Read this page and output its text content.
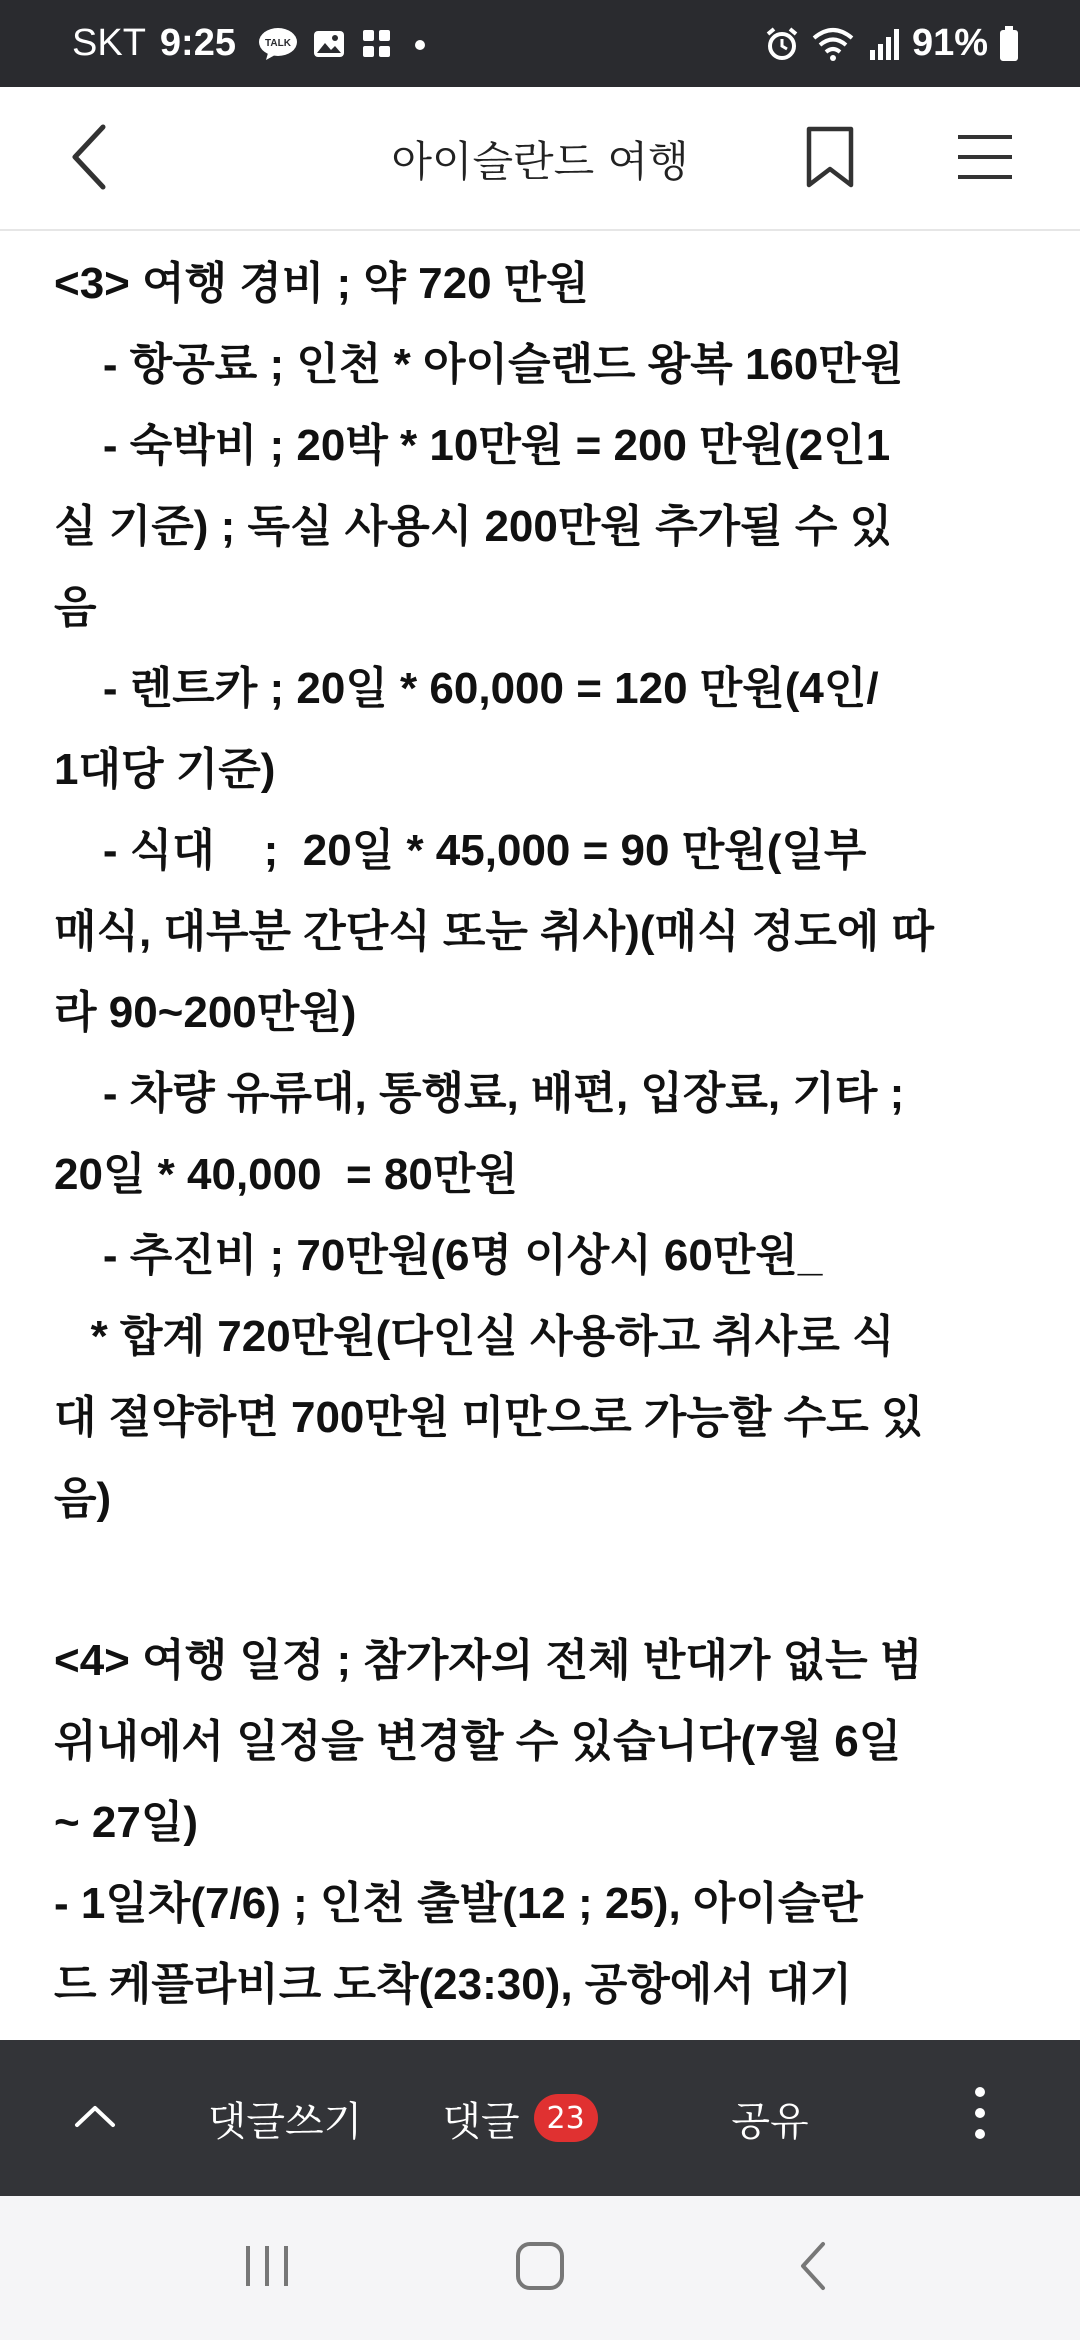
SKT 9:25	TALK	91%
아이슬란드 여행
<3> 여행 경비 ; 약 720 만원
- 항공료 ; 인천 * 아이슬랜드 왕복 160만원
- 숙박비 ; 20박 * 10만원 = 200 만원(2인1
실 기준) ; 독실 사용시 200만원 추가될 수 있
음
- 렌트카 ; 20일 * 60,000 = 120 만원(4인/
1대당 기준)
- 식대    ;  20일 * 45,000 = 90 만원(일부
매식, 대부분 간단식 또눈 취사)(매식 정도에 따
라 90~200만원)
- 차량 유류대, 통행료, 배편, 입장료, 기타 ;
20일 * 40,000  = 80만원
- 추진비 ; 70만원(6명 이상시 60만원_
* 합계 720만원(다인실 사용하고 취사로 식
대 절약하면 700만원 미만으로 가능할 수도 있
음)
<4> 여행 일정 ; 참가자의 전체 반대가 없는 범
위내에서 일정을 변경할 수 있습니다(7월 6일
~ 27일)
- 1일차(7/6) ; 인천 출발(12 ; 25), 아이슬란
드 케플라비크 도착(23:30), 공항에서 대기
댓글쓰기	댓글 23	공유
